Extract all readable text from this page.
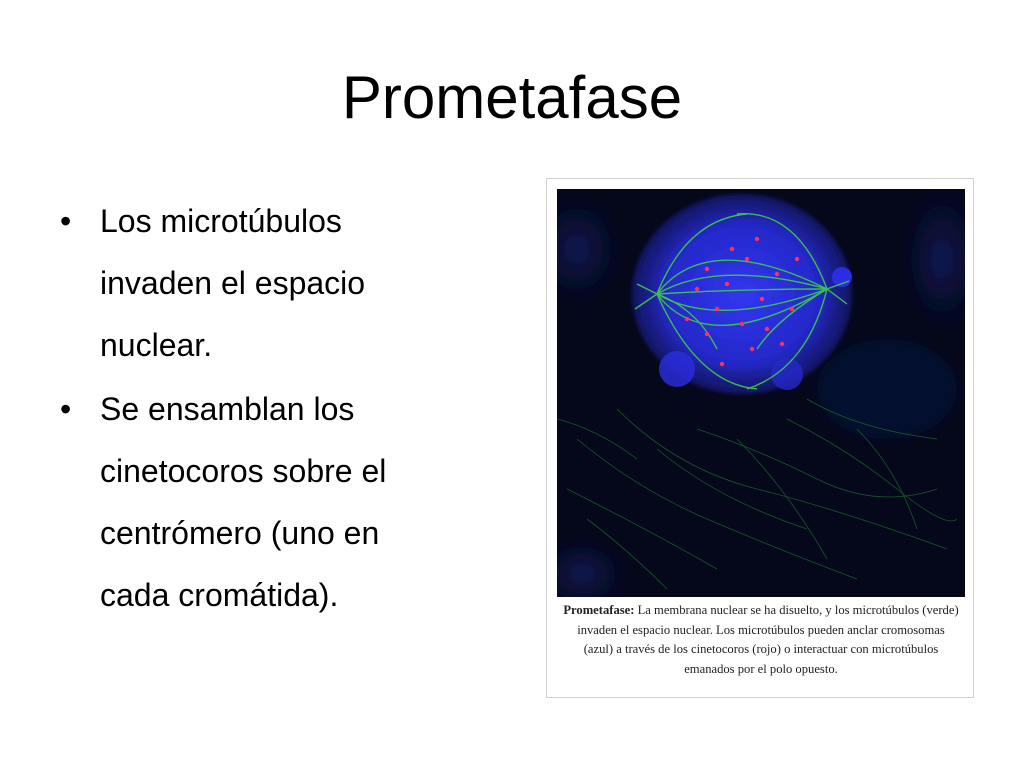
Prometafase
• Los microtúbulos
invaden el espacio
nuclear.
• Se ensamblan los
cinetocoros sobre el
centrómero (uno en
cada cromátida).	Prometafase: La membrana nuclear se ha disuelto, y los microtúbulos (verde) invaden el espacio nuclear. Los microtúbulos pueden anclar cromosomas (azul) a través de los cinetocoros (rojo) o interactuar con microtúbulos emanados por el polo opuesto.
